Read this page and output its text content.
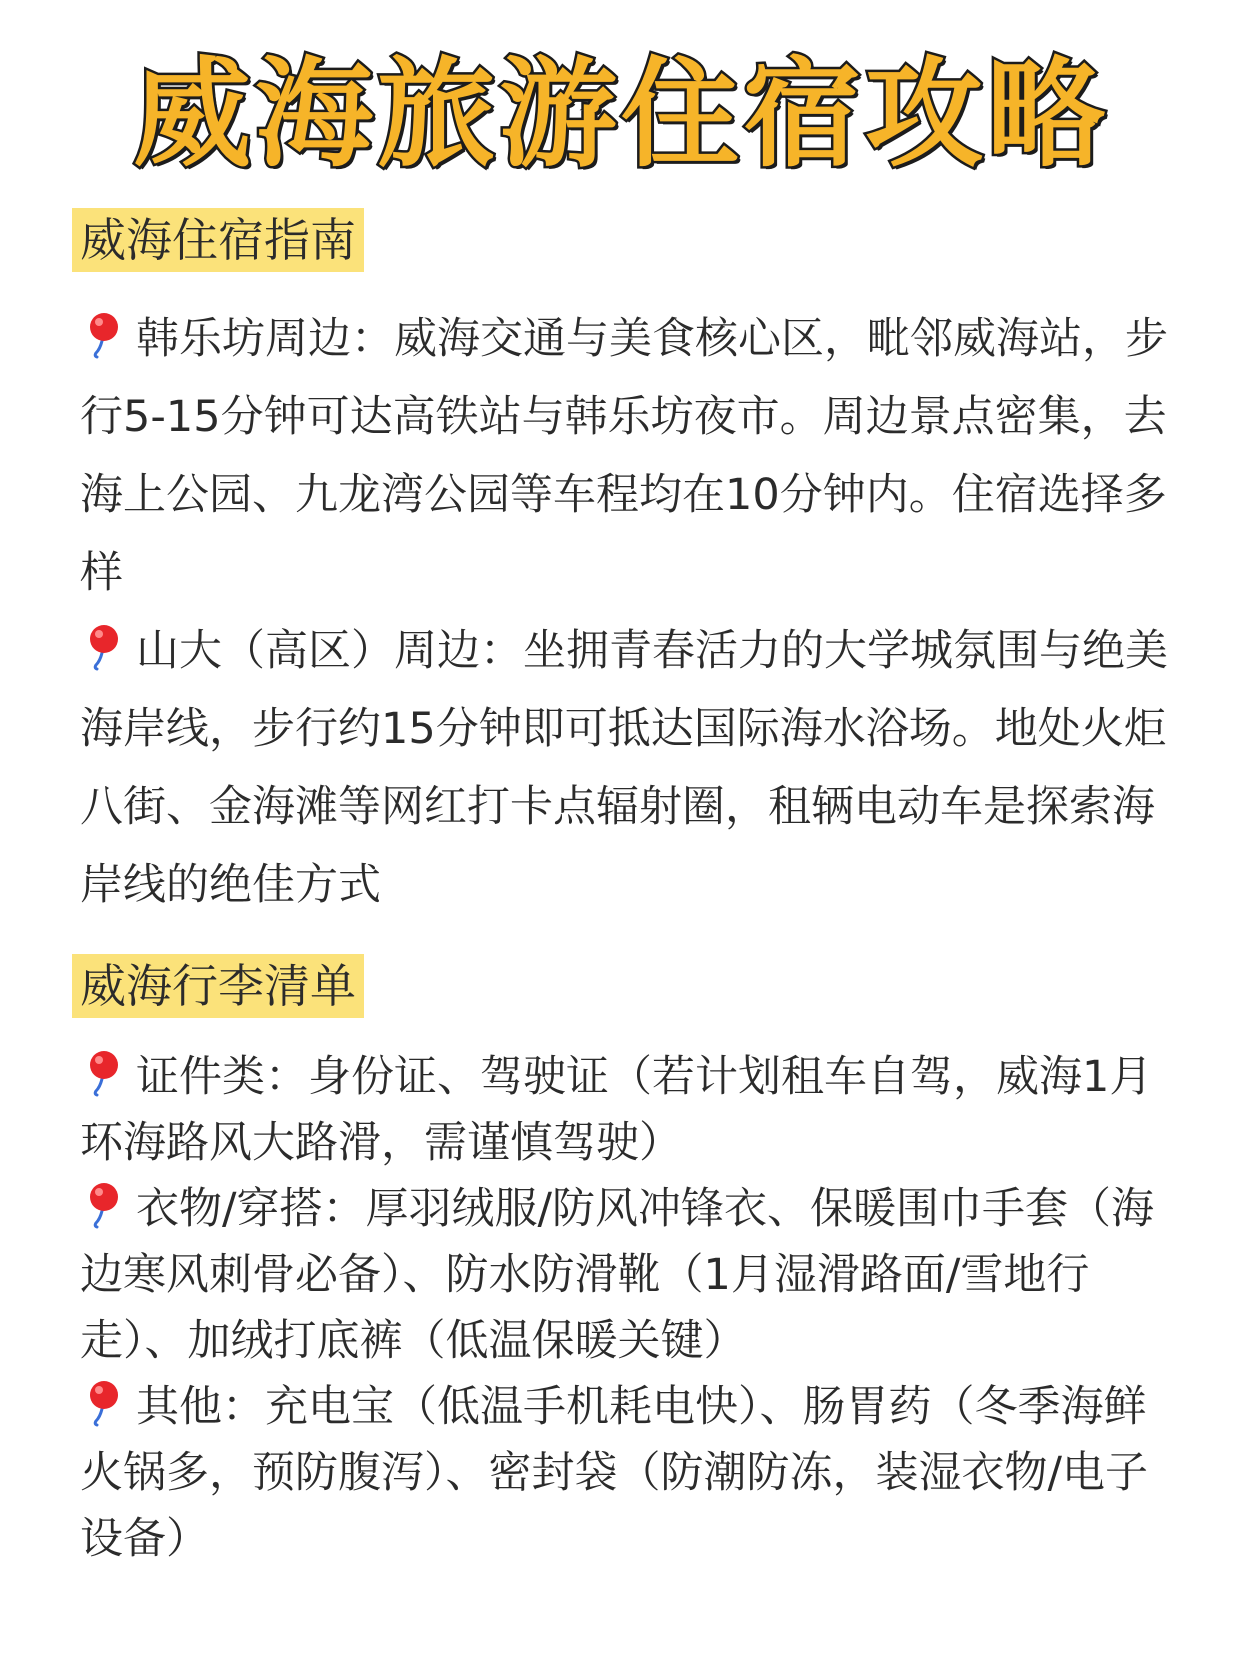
威海旅游住宿攻略
威海住宿指南
韩乐坊周边：威海交通与美食核心区，毗邻威海站，步行5-15分钟可达高铁站与韩乐坊夜市。周边景点密集，去海上公园、九龙湾公园等车程均在10分钟内。住宿选择多样
山大（高区）周边：坐拥青春活力的大学城氛围与绝美海岸线，步行约15分钟即可抵达国际海水浴场。地处火炬八街、金海滩等网红打卡点辐射圈，租辆电动车是探索海岸线的绝佳方式
威海行李清单
证件类：身份证、驾驶证（若计划租车自驾，威海1月环海路风大路滑，需谨慎驾驶）
衣物/穿搭：厚羽绒服/防风冲锋衣、保暖围巾手套（海边寒风刺骨必备）、防水防滑靴（1月湿滑路面/雪地行走）、加绒打底裤（低温保暖关键）
其他：充电宝（低温手机耗电快）、肠胃药（冬季海鲜火锅多，预防腹泻）、密封袋（防潮防冻，装湿衣物/电子设备）
